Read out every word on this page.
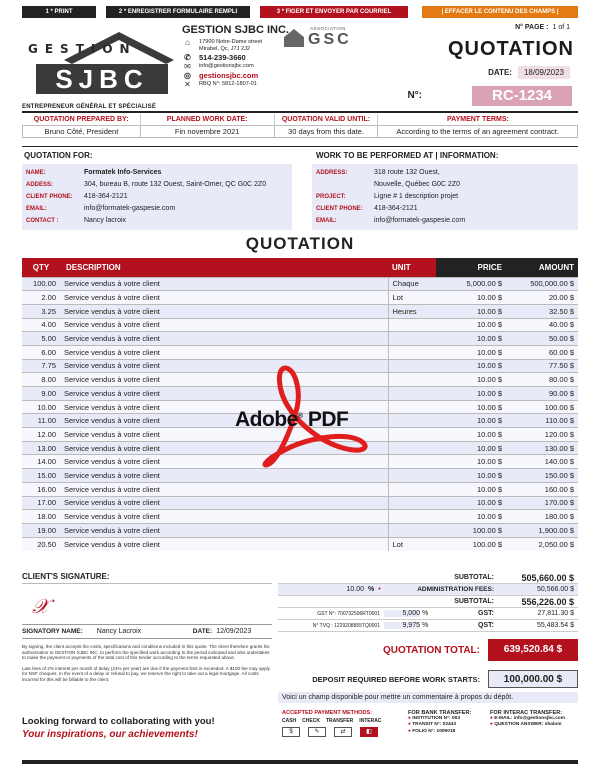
1 * PRINT	2 * ENREGISTRER FORMULAIRE REMPLI	3 * FIGER ET ENVOYER PAR COURRIEL	| EFFACER LE CONTENU DES CHAMPS |
GESTION
SJBC
ENTREPRENEUR GÉNÉRAL ET SPÉCIALISÉ
GESTION SJBC INC.
⌂	17900 Notre-Dame street Mirabel, Qc, J7J 2J2
✆ 514-239-3660
✉	info@gestionsjbc.com
◎ gestionsjbc.com
✕	RBQ N°: 5812-1807-01
ASSOCIATION
GSC
N° PAGE : 1 of 1
QUOTATION
DATE: 18/09/2023
N°:	RC-1234
QUOTATION PREPARED BY:	PLANNED WORK DATE:	QUOTATION VALID UNTIL:	PAYMENT TERMS:
Bruno Côté, President	Fin novembre 2021	30 days from this date.	According to the terms of an agreement contract.
QUOTATION FOR:	WORK TO BE PERFORMED AT | INFORMATION:
NAME:	Formatek Info-Services
ADDESS:	304, bureau B, route 132 Ouest, Saint-Omer, QC G0C 2Z0
CLIENT PHONE:	418-364-2121
EMAIL:	info@formatek-gaspesie.com
CONTACT :	Nancy lacroix
ADDRESS:	318 route 132 Ouest,
Nouvelle, Québec G0C 2Z0
PROJECT:	Ligne # 1 description projet
CLIENT PHONE:	418-364-2121
EMAIL:	info@formatek-gaspesie.com
QUOTATION
QTY	DESCRIPTION	UNIT	PRICE	AMOUNT
100.00	Service vendus à votre client	Chaque	5,000.00 $	500,000.00 $
2.00	Service vendus à votre client	Lot	10.00 $	20.00 $
3.25	Service vendus à votre client	Heures	10.00 $	32.50 $
4.00	Service vendus à votre client		10.00 $	40.00 $
5.00	Service vendus à votre client		10.00 $	50.00 $
6.00	Service vendus à votre client		10.00 $	60.00 $
7.75	Service vendus à votre client		10.00 $	77.50 $
8.00	Service vendus à votre client		10.00 $	80.00 $
9.00	Service vendus à votre client		10.00 $	90.00 $
10.00	Service vendus à votre client		10.00 $	100.00 $
11.00	Service vendus à votre client		10.00 $	110.00 $
12.00	Service vendus à votre client		10.00 $	120.00 $
13.00	Service vendus à votre client		10.00 $	130.00 $
14.00	Service vendus à votre client		10.00 $	140.00 $
15.00	Service vendus à votre client		10.00 $	150.00 $
16.00	Service vendus à votre client		10.00 $	160.00 $
17.00	Service vendus à votre client		10.00 $	170.00 $
18.00	Service vendus à votre client		10.00 $	180.00 $
19.00	Service vendus à votre client		100.00 $	1,900.00 $
20.50	Service vendus à votre client	Lot	100.00 $	2,050.00 $
Adobe® PDF
CLIENT'S SIGNATURE:
𝒳
SIGNATORY NAME: Nancy Lacroix	DATE: 12/09/2023
By signing, the client accepts the costs, specifications and conditions included in this quote. The client therefore grants his authorization to GESTION SJBC INC. to perform the specified work according to the period indicated and also undertakes to make the payment or payments of the total cost of this tender according to the terms requested above.
Late fees of 2% interest per month of delay (24% per year) are due if the payment limit is exceeded. A $100 fee may apply for NSF cheques. In the event of a delay or refusal to pay, we reserve the right to take out a legal mortgage. All costs incurred for this will be billable to the client.
SUBTOTAL:	505,660.00 $
10.00 % •	ADMINISTRATION FEES:	50,566.00 $
SUBTOTAL:	556,226.00 $
GST N°: 700732506RT0001	5,000 %	GST:	27,811.30 $
N° TVQ : 1229208855TQ0001	9,975 %	QST:	55,483.54 $
QUOTATION TOTAL:	639,520.84 $
DEPOSIT REQUIRED BEFORE WORK STARTS:	100,000.00 $
Voici un champ disponible pour mettre un commentaire à propos du dépôt.
Looking forward to collaborating with you!
Your inspirations, our achievements!
ACCEPTED PAYMENT METHODS:
CASH CHECK TRANSFER INTERAC
$	✎	⇄	◧
FOR BANK TRANSFER:
● INSTITUTION N°: 003
● TRANSIT N°: 02443
● FOLIO N°: 1009018
FOR INTERAC TRANSFER:
● E-MAIL: info@gestionsjbc.com
● QUESTION ANSWER: shalom
